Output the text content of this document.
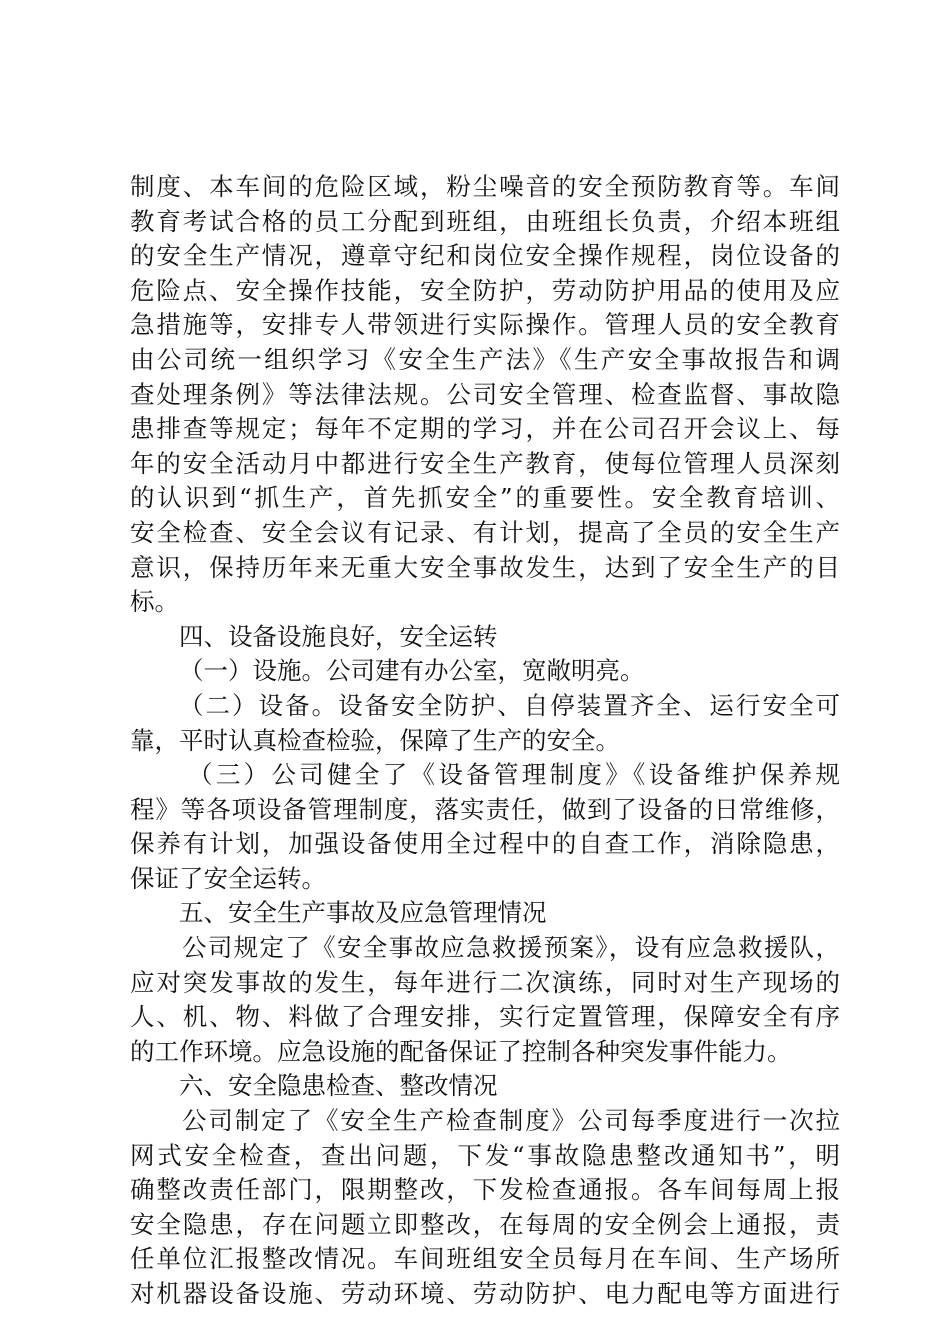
制度、本车间的危险区域，粉尘噪音的安全预防教育等。车间
教育考试合格的员工分配到班组，由班组长负责，介绍本班组
的安全生产情况，遵章守纪和岗位安全操作规程，岗位设备的
危险点、安全操作技能，安全防护，劳动防护用品的使用及应
急措施等，安排专人带领进行实际操作。管理人员的安全教育
由公司统一组织学习《安全生产法》《生产安全事故报告和调
查处理条例》等法律法规。公司安全管理、检查监督、事故隐
患排查等规定；每年不定期的学习，并在公司召开会议上、每
年的安全活动月中都进行安全生产教育，使每位管理人员深刻
的认识到“抓生产，首先抓安全”的重要性。安全教育培训、
安全检查、安全会议有记录、有计划，提高了全员的安全生产
意识，保持历年来无重大安全事故发生，达到了安全生产的目
标。
四、设备设施良好，安全运转
（一）设施。公司建有办公室，宽敞明亮。
（二）设备。设备安全防护、自停装置齐全、运行安全可
靠，平时认真检查检验，保障了生产的安全。
（三）公司健全了《设备管理制度》《设备维护保养规
程》等各项设备管理制度，落实责任，做到了设备的日常维修，
保养有计划，加强设备使用全过程中的自查工作，消除隐患，
保证了安全运转。
五、安全生产事故及应急管理情况
公司规定了《安全事故应急救援预案》，设有应急救援队，
应对突发事故的发生，每年进行二次演练，同时对生产现场的
人、机、物、料做了合理安排，实行定置管理，保障安全有序
的工作环境。应急设施的配备保证了控制各种突发事件能力。
六、安全隐患检查、整改情况
公司制定了《安全生产检查制度》公司每季度进行一次拉
网式安全检查，查出问题，下发“事故隐患整改通知书”，明
确整改责任部门，限期整改，下发检查通报。各车间每周上报
安全隐患，存在问题立即整改，在每周的安全例会上通报，责
任单位汇报整改情况。车间班组安全员每月在车间、生产场所
对机器设备设施、劳动环境、劳动防护、电力配电等方面进行
